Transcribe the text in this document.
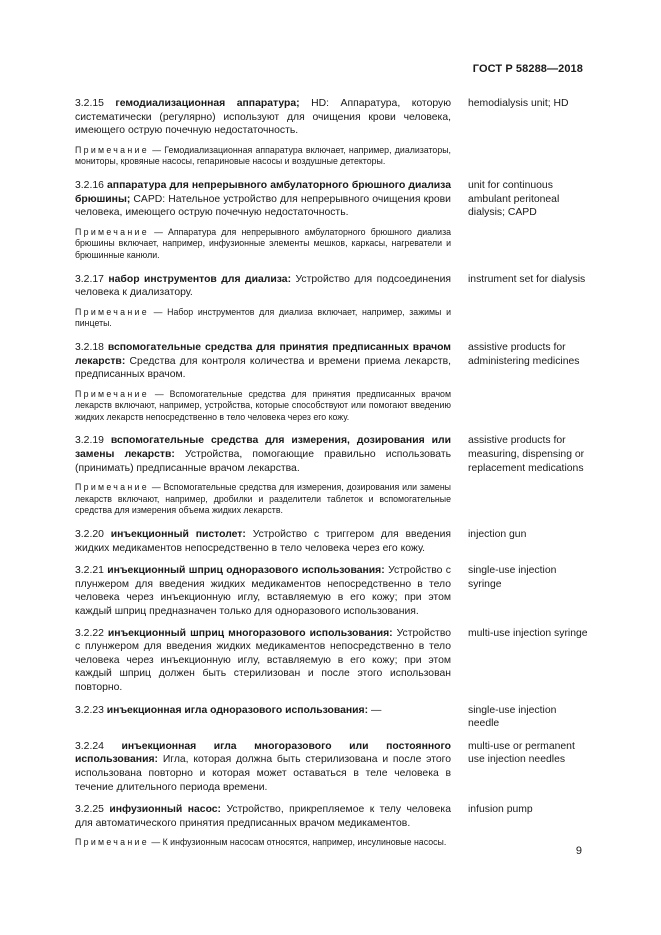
ГОСТ Р 58288—2018
3.2.15 гемодиализационная аппаратура; HD: Аппаратура, которую систематически (регулярно) используют для очищения крови человека, имеющего острую почечную недостаточность.
Примечание — Гемодиализационная аппаратура включает, например, диализаторы, мониторы, кровяные насосы, гепариновые насосы и воздушные детекторы.
hemodialysis unit; HD
3.2.16 аппаратура для непрерывного амбулаторного брюшного диализа брюшины; CAPD: Нательное устройство для непрерывного очищения крови человека, имеющего острую почечную недостаточность.
Примечание — Аппаратура для непрерывного амбулаторного брюшного диализа брюшины включает, например, инфузионные элементы мешков, каркасы, нагреватели и брюшинные канюли.
unit for continuous ambulant peritoneal dialysis; CAPD
3.2.17 набор инструментов для диализа: Устройство для подсоединения человека к диализатору.
Примечание — Набор инструментов для диализа включает, например, зажимы и пинцеты.
instrument set for dialysis
3.2.18 вспомогательные средства для принятия предписанных врачом лекарств: Средства для контроля количества и времени приема лекарств, предписанных врачом.
Примечание — Вспомогательные средства для принятия предписанных врачом лекарств включают, например, устройства, которые способствуют или помогают введению жидких лекарств непосредственно в тело человека через его кожу.
assistive products for administering medicines
3.2.19 вспомогательные средства для измерения, дозирования или замены лекарств: Устройства, помогающие правильно использовать (принимать) предписанные врачом лекарства.
Примечание — Вспомогательные средства для измерения, дозирования или замены лекарств включают, например, дробилки и разделители таблеток и вспомогательные средства для измерения объема жидких лекарств.
assistive products for measuring, dispensing or replacement medications
3.2.20 инъекционный пистолет: Устройство с триггером для введения жидких медикаментов непосредственно в тело человека через его кожу.
injection gun
3.2.21 инъекционный шприц одноразового использования: Устройство с плунжером для введения жидких медикаментов непосредственно в тело человека через инъекционную иглу, вставляемую в его кожу; при этом каждый шприц предназначен только для одноразового использования.
single-use injection syringe
3.2.22 инъекционный шприц многоразового использования: Устройство с плунжером для введения жидких медикаментов непосредственно в тело человека через инъекционную иглу, вставляемую в его кожу; при этом каждый шприц должен быть стерилизован и после этого использован повторно.
multi-use injection syringe
3.2.23 инъекционная игла одноразового использования: —	single-use injection needle
3.2.24 инъекционная игла многоразового или постоянного использования: Игла, которая должна быть стерилизована и после этого использована повторно и которая может оставаться в теле человека в течение длительного периода времени.
multi-use or permanent use injection needles
3.2.25 инфузионный насос: Устройство, прикрепляемое к телу человека для автоматического принятия предписанных врачом медикаментов.
Примечание — К инфузионным насосам относятся, например, инсулиновые насосы.
infusion pump
9
